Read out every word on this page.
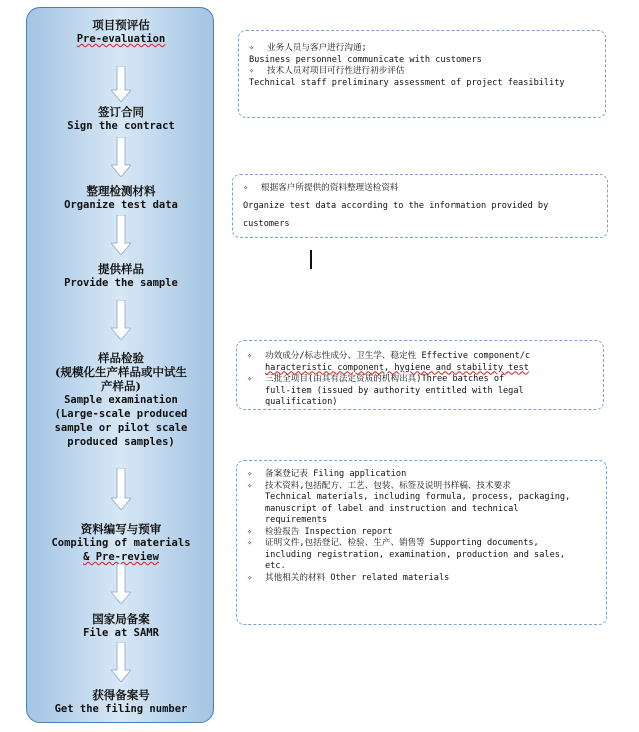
项目预评估
Pre-evaluation
签订合同
Sign the contract
整理检测材料
Organize test data
提供样品
Provide the sample
样品检验
(规模化生产样品或中试生
产样品)
Sample examination
(Large-scale produced
sample or pilot scale
produced samples)
资料编写与预审
Compiling of materials
& Pre-review
国家局备案
File at SAMR
获得备案号
Get the filing number
✧ 业务人员与客户进行沟通;
Business personnel communicate with customers
✧ 技术人员对项目可行性进行初步评估
Technical staff preliminary assessment of project feasibility
✧ 根据客户所提供的资料整理送检资料
Organize test data according to the information provided by
customers
✧ 功效成分/标志性成分、卫生学、稳定性 Effective component/c
haracteristic component, hygiene and stability test
✧ 三批全项目(由具有法定资质的机构出具)Three batches of
full-item (issued by authority entitled with legal
qualification)
✧ 备案登记表 Filing application
✧ 技术资料,包括配方、工艺、包装、标签及说明书样稿、技术要求
Technical materials, including formula, process, packaging,
manuscript of label and instruction and technical
requirements
✧ 检验报告 Inspection report
✧ 证明文件,包括登记、检验、生产、销售等 Supporting documents,
including registration, examination, production and sales,
etc.
✧ 其他相关的材料 Other related materials
